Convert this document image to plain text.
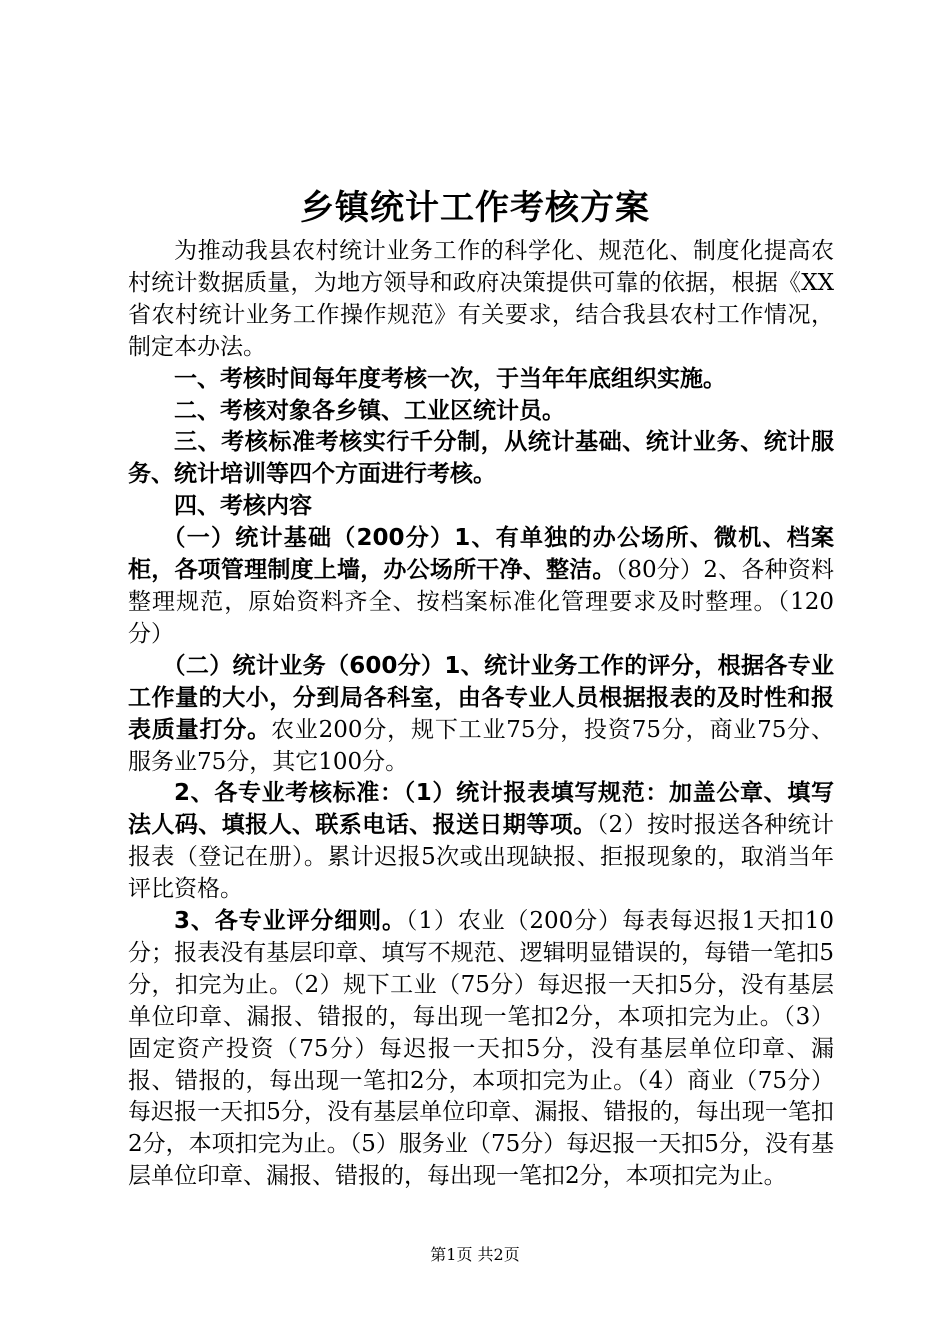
乡镇统计工作考核方案

为推动我县农村统计业务工作的科学化、规范化、制度化提高农村统计数据质量，为地方领导和政府决策提供可靠的依据，根据《XX省农村统计业务工作操作规范》有关要求，结合我县农村工作情况，制定本办法。

一、考核时间每年度考核一次，于当年年底组织实施。

二、考核对象各乡镇、工业区统计员。

三、考核标准考核实行千分制，从统计基础、统计业务、统计服务、统计培训等四个方面进行考核。

四、考核内容

（一）统计基础（200分）1、有单独的办公场所、微机、档案柜，各项管理制度上墙，办公场所干净、整洁。（80分）2、各种资料整理规范，原始资料齐全、按档案标准化管理要求及时整理。（120分）

（二）统计业务（600分）1、统计业务工作的评分，根据各专业工作量的大小，分到局各科室，由各专业人员根据报表的及时性和报表质量打分。农业200分，规下工业75分，投资75分，商业75分、服务业75分，其它100分。

2、各专业考核标准：（1）统计报表填写规范：加盖公章、填写法人码、填报人、联系电话、报送日期等项。（2）按时报送各种统计报表（登记在册）。累计迟报5次或出现缺报、拒报现象的，取消当年评比资格。

3、各专业评分细则。（1）农业（200分）每表每迟报1天扣10分；报表没有基层印章、填写不规范、逻辑明显错误的，每错一笔扣5分，扣完为止。（2）规下工业（75分）每迟报一天扣5分，没有基层单位印章、漏报、错报的，每出现一笔扣2分，本项扣完为止。（3）固定资产投资（75分）每迟报一天扣5分，没有基层单位印章、漏报、错报的，每出现一笔扣2分，本项扣完为止。（4）商业（75分）每迟报一天扣5分，没有基层单位印章、漏报、错报的，每出现一笔扣2分，本项扣完为止。（5）服务业（75分）每迟报一天扣5分，没有基层单位印章、漏报、错报的，每出现一笔扣2分，本项扣完为止。

第1页 共2页
